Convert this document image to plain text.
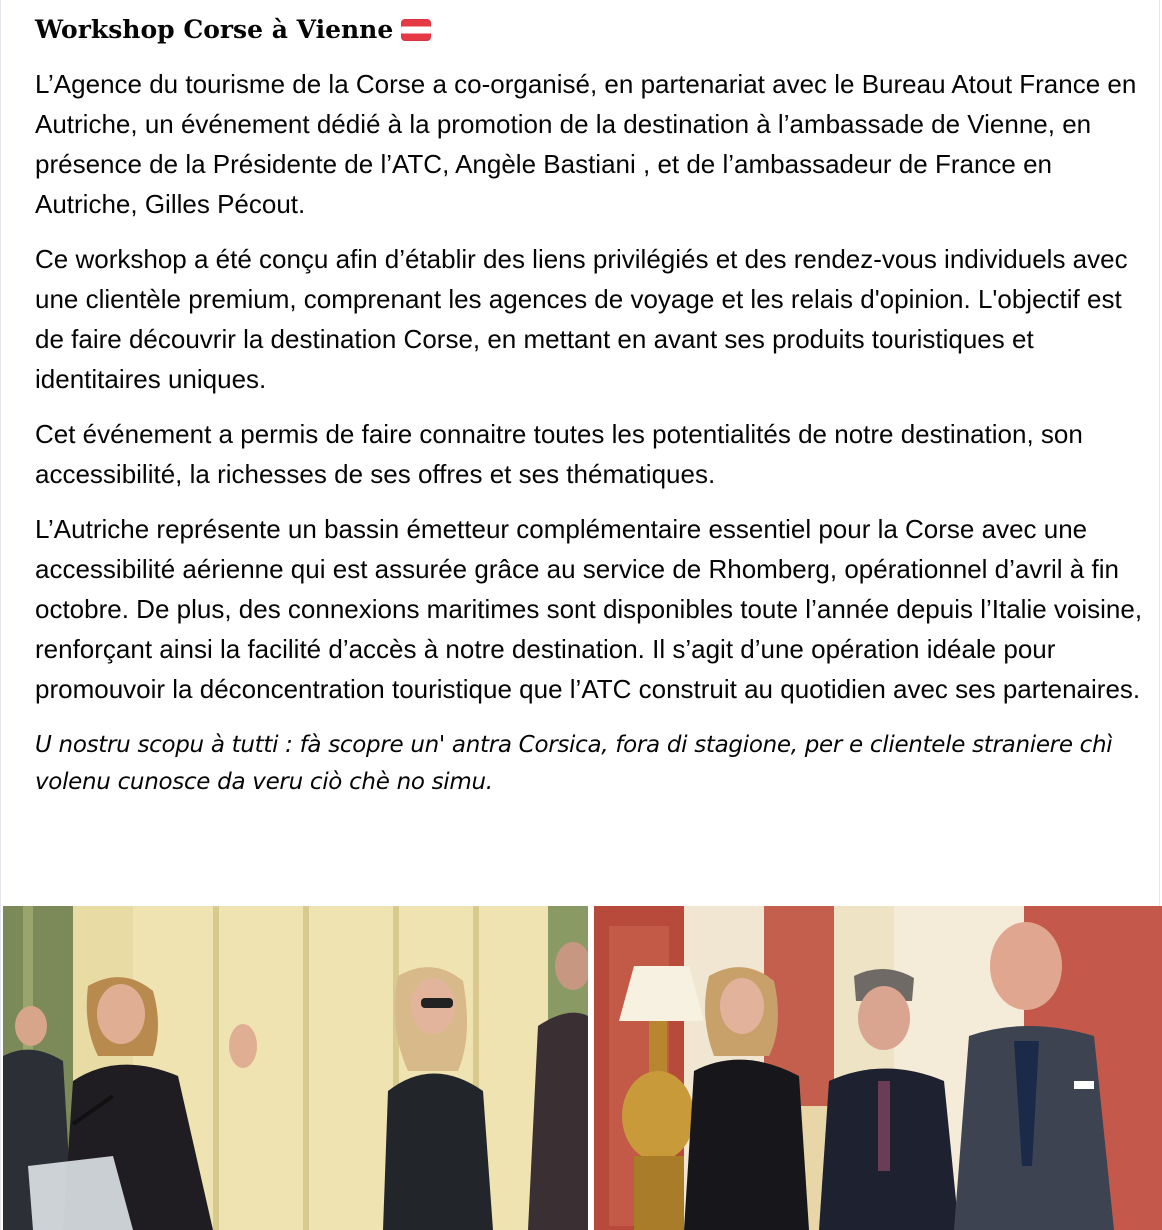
Workshop Corse à Vienne

L’Agence du tourisme de la Corse a co-organisé, en partenariat avec le Bureau Atout France en Autriche, un événement dédié à la promotion de la destination à l’ambassade de Vienne, en présence de la Présidente de l’ATC, Angèle Bastiani , et de l’ambassadeur de France en Autriche, Gilles Pécout.

Ce workshop a été conçu afin d’établir des liens privilégiés et des rendez-vous individuels avec une clientèle premium, comprenant les agences de voyage et les relais d'opinion. L'objectif est de faire découvrir la destination Corse, en mettant en avant ses produits touristiques et identitaires uniques.

Cet événement a permis de faire connaitre toutes les potentialités de notre destination, son accessibilité, la richesses de ses offres et ses thématiques.

L’Autriche représente un bassin émetteur complémentaire essentiel pour la Corse avec une accessibilité aérienne qui est assurée grâce au service de Rhomberg, opérationnel d’avril à fin octobre. De plus, des connexions maritimes sont disponibles toute l’année depuis l’Italie voisine, renforçant ainsi la facilité d’accès à notre destination. Il s’agit d’une opération idéale pour promouvoir la déconcentration touristique que l’ATC construit au quotidien avec ses partenaires.

U nostru scopu à tutti : fà scopre un' antra Corsica, fora di stagione, per e clientele straniere chì volenu cunosce da veru ciò chè no simu.
